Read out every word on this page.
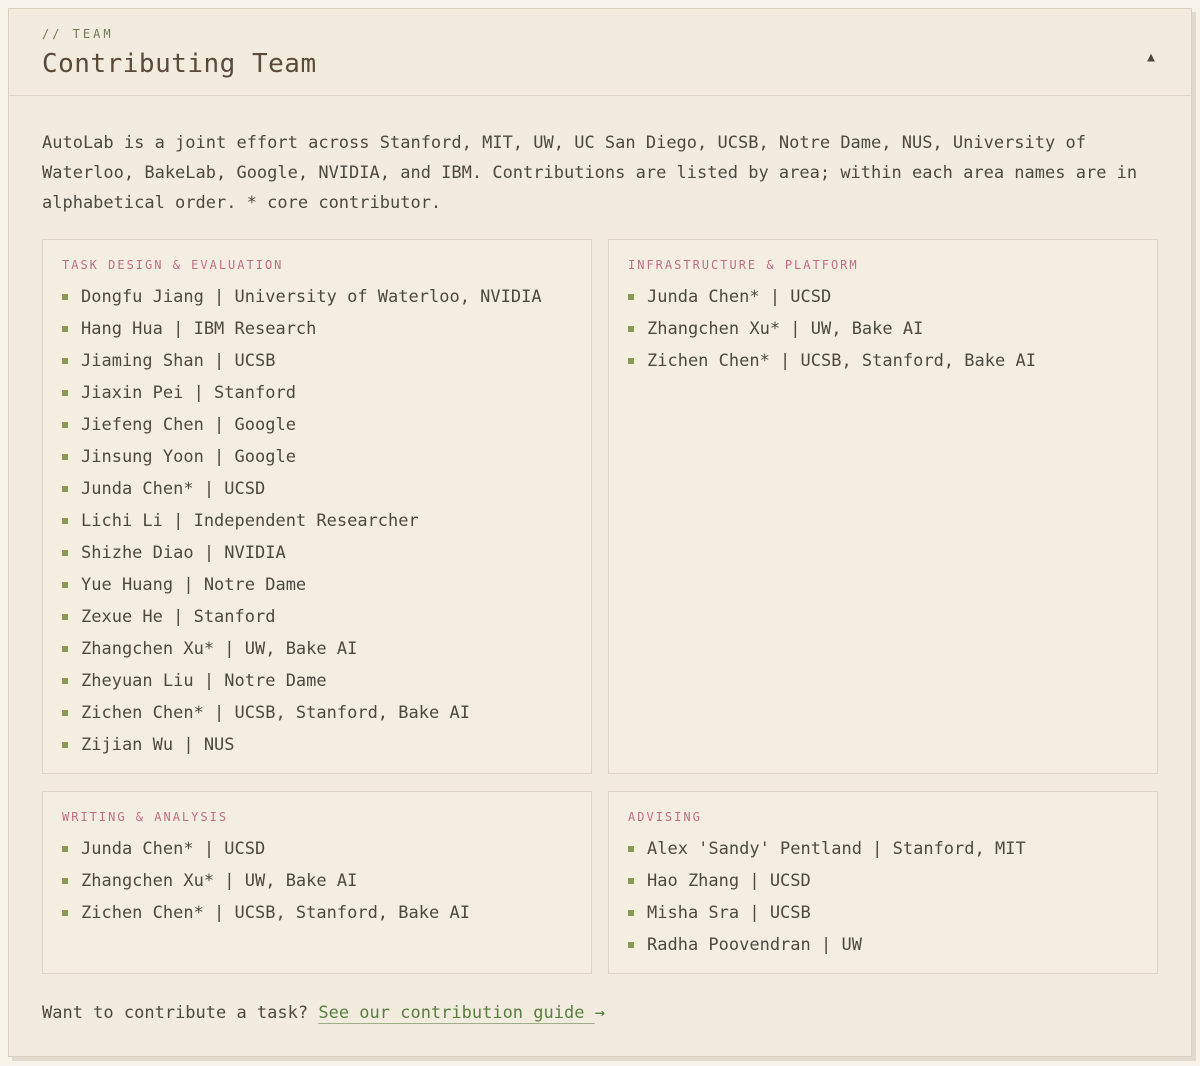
// TEAM
Contributing Team	▲

AutoLab is a joint effort across Stanford, MIT, UW, UC San Diego, UCSB, Notre Dame, NUS, University of Waterloo, BakeLab, Google, NVIDIA, and IBM. Contributions are listed by area; within each area names are in alphabetical order. * core contributor.

TASK DESIGN & EVALUATION
Dongfu Jiang | University of Waterloo, NVIDIA
Hang Hua | IBM Research
Jiaming Shan | UCSB
Jiaxin Pei | Stanford
Jiefeng Chen | Google
Jinsung Yoon | Google
Junda Chen* | UCSD
Lichi Li | Independent Researcher
Shizhe Diao | NVIDIA
Yue Huang | Notre Dame
Zexue He | Stanford
Zhangchen Xu* | UW, Bake AI
Zheyuan Liu | Notre Dame
Zichen Chen* | UCSB, Stanford, Bake AI
Zijian Wu | NUS
INFRASTRUCTURE & PLATFORM
Junda Chen* | UCSD
Zhangchen Xu* | UW, Bake AI
Zichen Chen* | UCSB, Stanford, Bake AI
WRITING & ANALYSIS
Junda Chen* | UCSD
Zhangchen Xu* | UW, Bake AI
Zichen Chen* | UCSB, Stanford, Bake AI
ADVISING
Alex 'Sandy' Pentland | Stanford, MIT
Hao Zhang | UCSD
Misha Sra | UCSB
Radha Poovendran | UW

Want to contribute a task? See our contribution guide →
